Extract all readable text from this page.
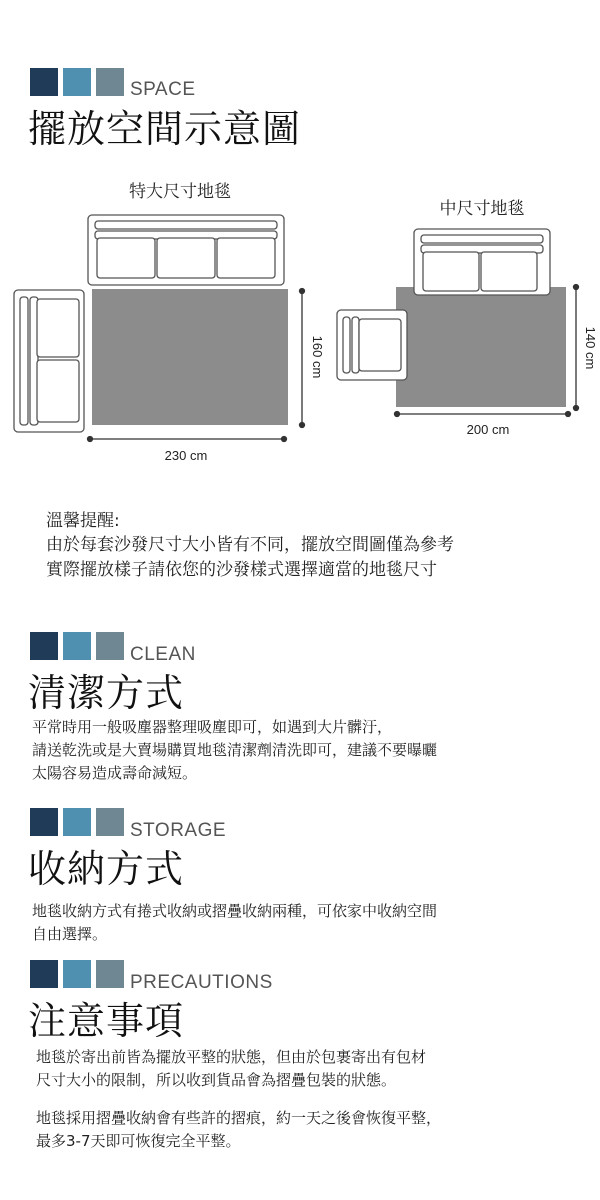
SPACE
擺放空間示意圖
特大尺寸地毯
160 cm
230 cm
中尺寸地毯
140 cm
200 cm
溫馨提醒:
由於每套沙發尺寸大小皆有不同，擺放空間圖僅為參考
實際擺放樣子請依您的沙發樣式選擇適當的地毯尺寸
CLEAN
清潔方式
平常時用一般吸塵器整理吸塵即可，如遇到大片髒汙，
請送乾洗或是大賣場購買地毯清潔劑清洗即可，建議不要曝曬
太陽容易造成壽命減短。
STORAGE
收納方式
地毯收納方式有捲式收納或摺疊收納兩種，可依家中收納空間
自由選擇。
PRECAUTIONS
注意事項
地毯於寄出前皆為擺放平整的狀態，但由於包裹寄出有包材
尺寸大小的限制，所以收到貨品會為摺疊包裝的狀態。
地毯採用摺疊收納會有些許的摺痕，約一天之後會恢復平整，
最多3-7天即可恢復完全平整。
